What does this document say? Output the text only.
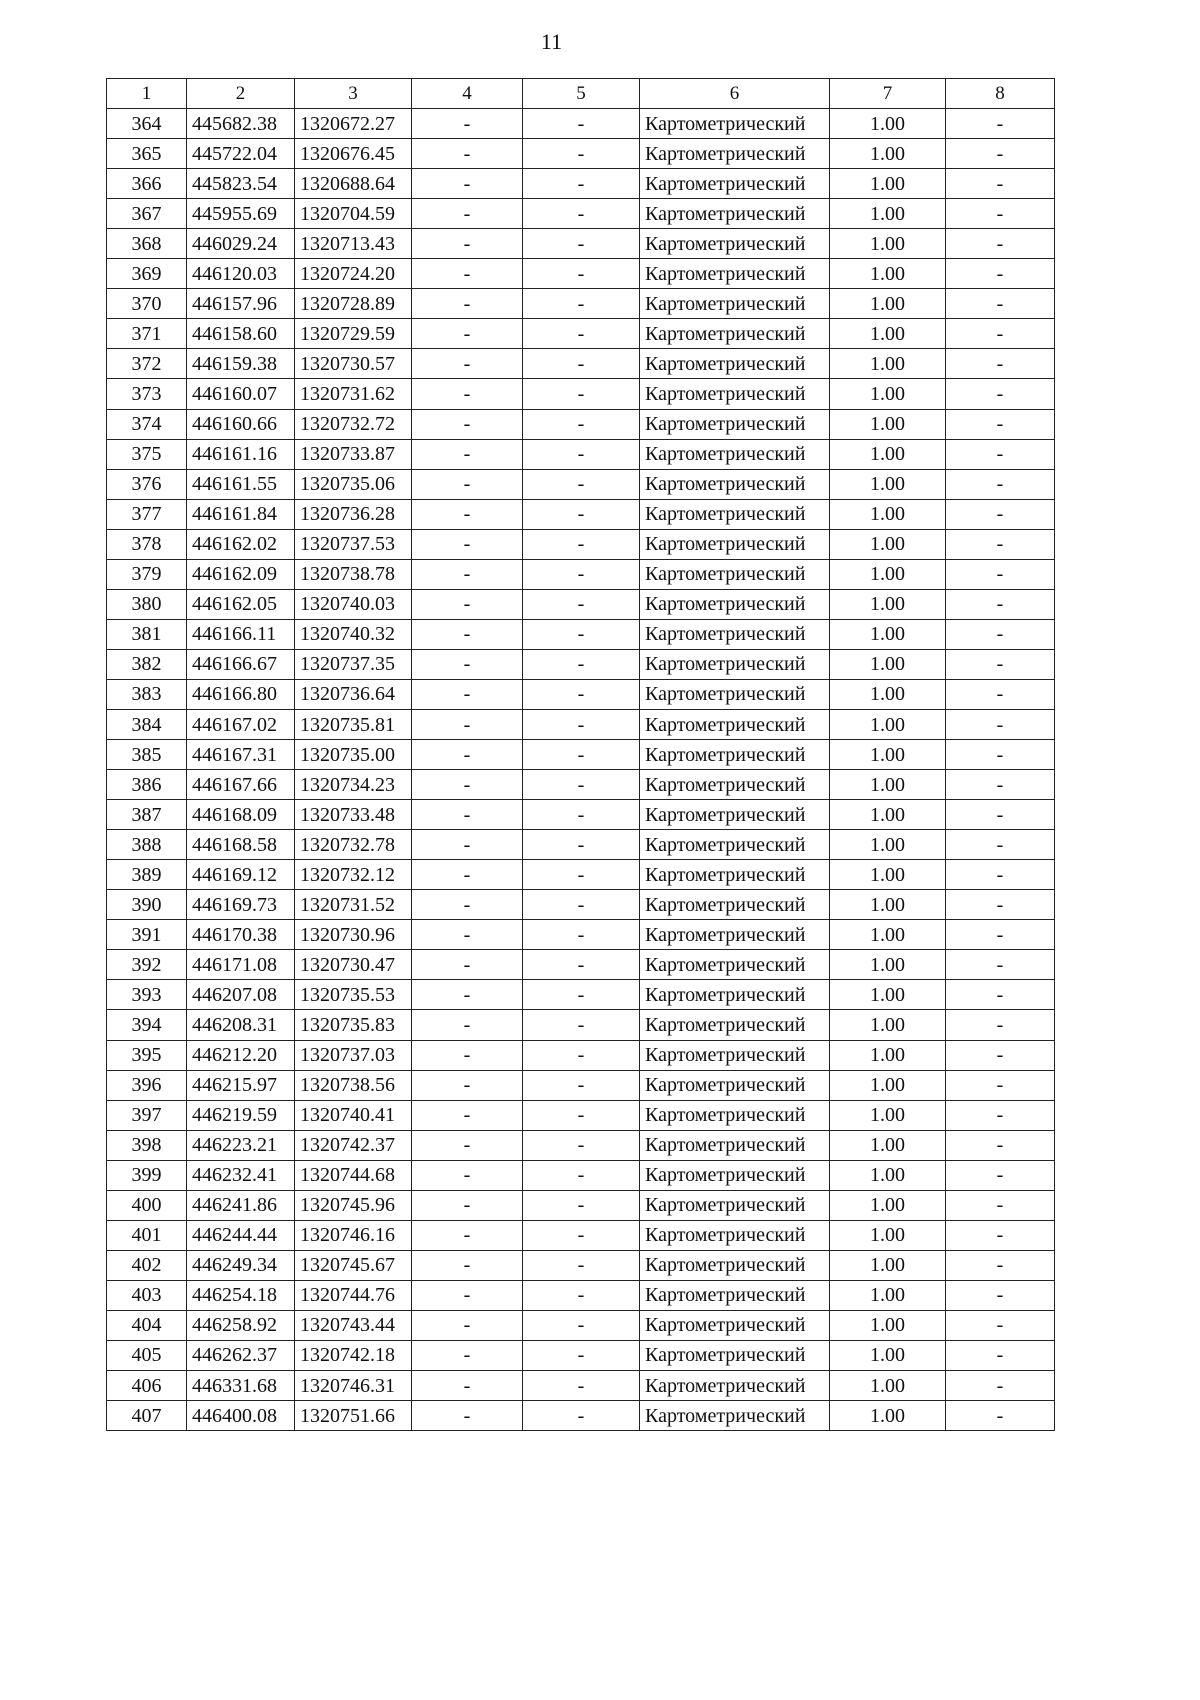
11
1	2	3	4	5	6	7	8
364	445682.38	1320672.27	-	-	Картометрический	1.00	-
365	445722.04	1320676.45	-	-	Картометрический	1.00	-
366	445823.54	1320688.64	-	-	Картометрический	1.00	-
367	445955.69	1320704.59	-	-	Картометрический	1.00	-
368	446029.24	1320713.43	-	-	Картометрический	1.00	-
369	446120.03	1320724.20	-	-	Картометрический	1.00	-
370	446157.96	1320728.89	-	-	Картометрический	1.00	-
371	446158.60	1320729.59	-	-	Картометрический	1.00	-
372	446159.38	1320730.57	-	-	Картометрический	1.00	-
373	446160.07	1320731.62	-	-	Картометрический	1.00	-
374	446160.66	1320732.72	-	-	Картометрический	1.00	-
375	446161.16	1320733.87	-	-	Картометрический	1.00	-
376	446161.55	1320735.06	-	-	Картометрический	1.00	-
377	446161.84	1320736.28	-	-	Картометрический	1.00	-
378	446162.02	1320737.53	-	-	Картометрический	1.00	-
379	446162.09	1320738.78	-	-	Картометрический	1.00	-
380	446162.05	1320740.03	-	-	Картометрический	1.00	-
381	446166.11	1320740.32	-	-	Картометрический	1.00	-
382	446166.67	1320737.35	-	-	Картометрический	1.00	-
383	446166.80	1320736.64	-	-	Картометрический	1.00	-
384	446167.02	1320735.81	-	-	Картометрический	1.00	-
385	446167.31	1320735.00	-	-	Картометрический	1.00	-
386	446167.66	1320734.23	-	-	Картометрический	1.00	-
387	446168.09	1320733.48	-	-	Картометрический	1.00	-
388	446168.58	1320732.78	-	-	Картометрический	1.00	-
389	446169.12	1320732.12	-	-	Картометрический	1.00	-
390	446169.73	1320731.52	-	-	Картометрический	1.00	-
391	446170.38	1320730.96	-	-	Картометрический	1.00	-
392	446171.08	1320730.47	-	-	Картометрический	1.00	-
393	446207.08	1320735.53	-	-	Картометрический	1.00	-
394	446208.31	1320735.83	-	-	Картометрический	1.00	-
395	446212.20	1320737.03	-	-	Картометрический	1.00	-
396	446215.97	1320738.56	-	-	Картометрический	1.00	-
397	446219.59	1320740.41	-	-	Картометрический	1.00	-
398	446223.21	1320742.37	-	-	Картометрический	1.00	-
399	446232.41	1320744.68	-	-	Картометрический	1.00	-
400	446241.86	1320745.96	-	-	Картометрический	1.00	-
401	446244.44	1320746.16	-	-	Картометрический	1.00	-
402	446249.34	1320745.67	-	-	Картометрический	1.00	-
403	446254.18	1320744.76	-	-	Картометрический	1.00	-
404	446258.92	1320743.44	-	-	Картометрический	1.00	-
405	446262.37	1320742.18	-	-	Картометрический	1.00	-
406	446331.68	1320746.31	-	-	Картометрический	1.00	-
407	446400.08	1320751.66	-	-	Картометрический	1.00	-
